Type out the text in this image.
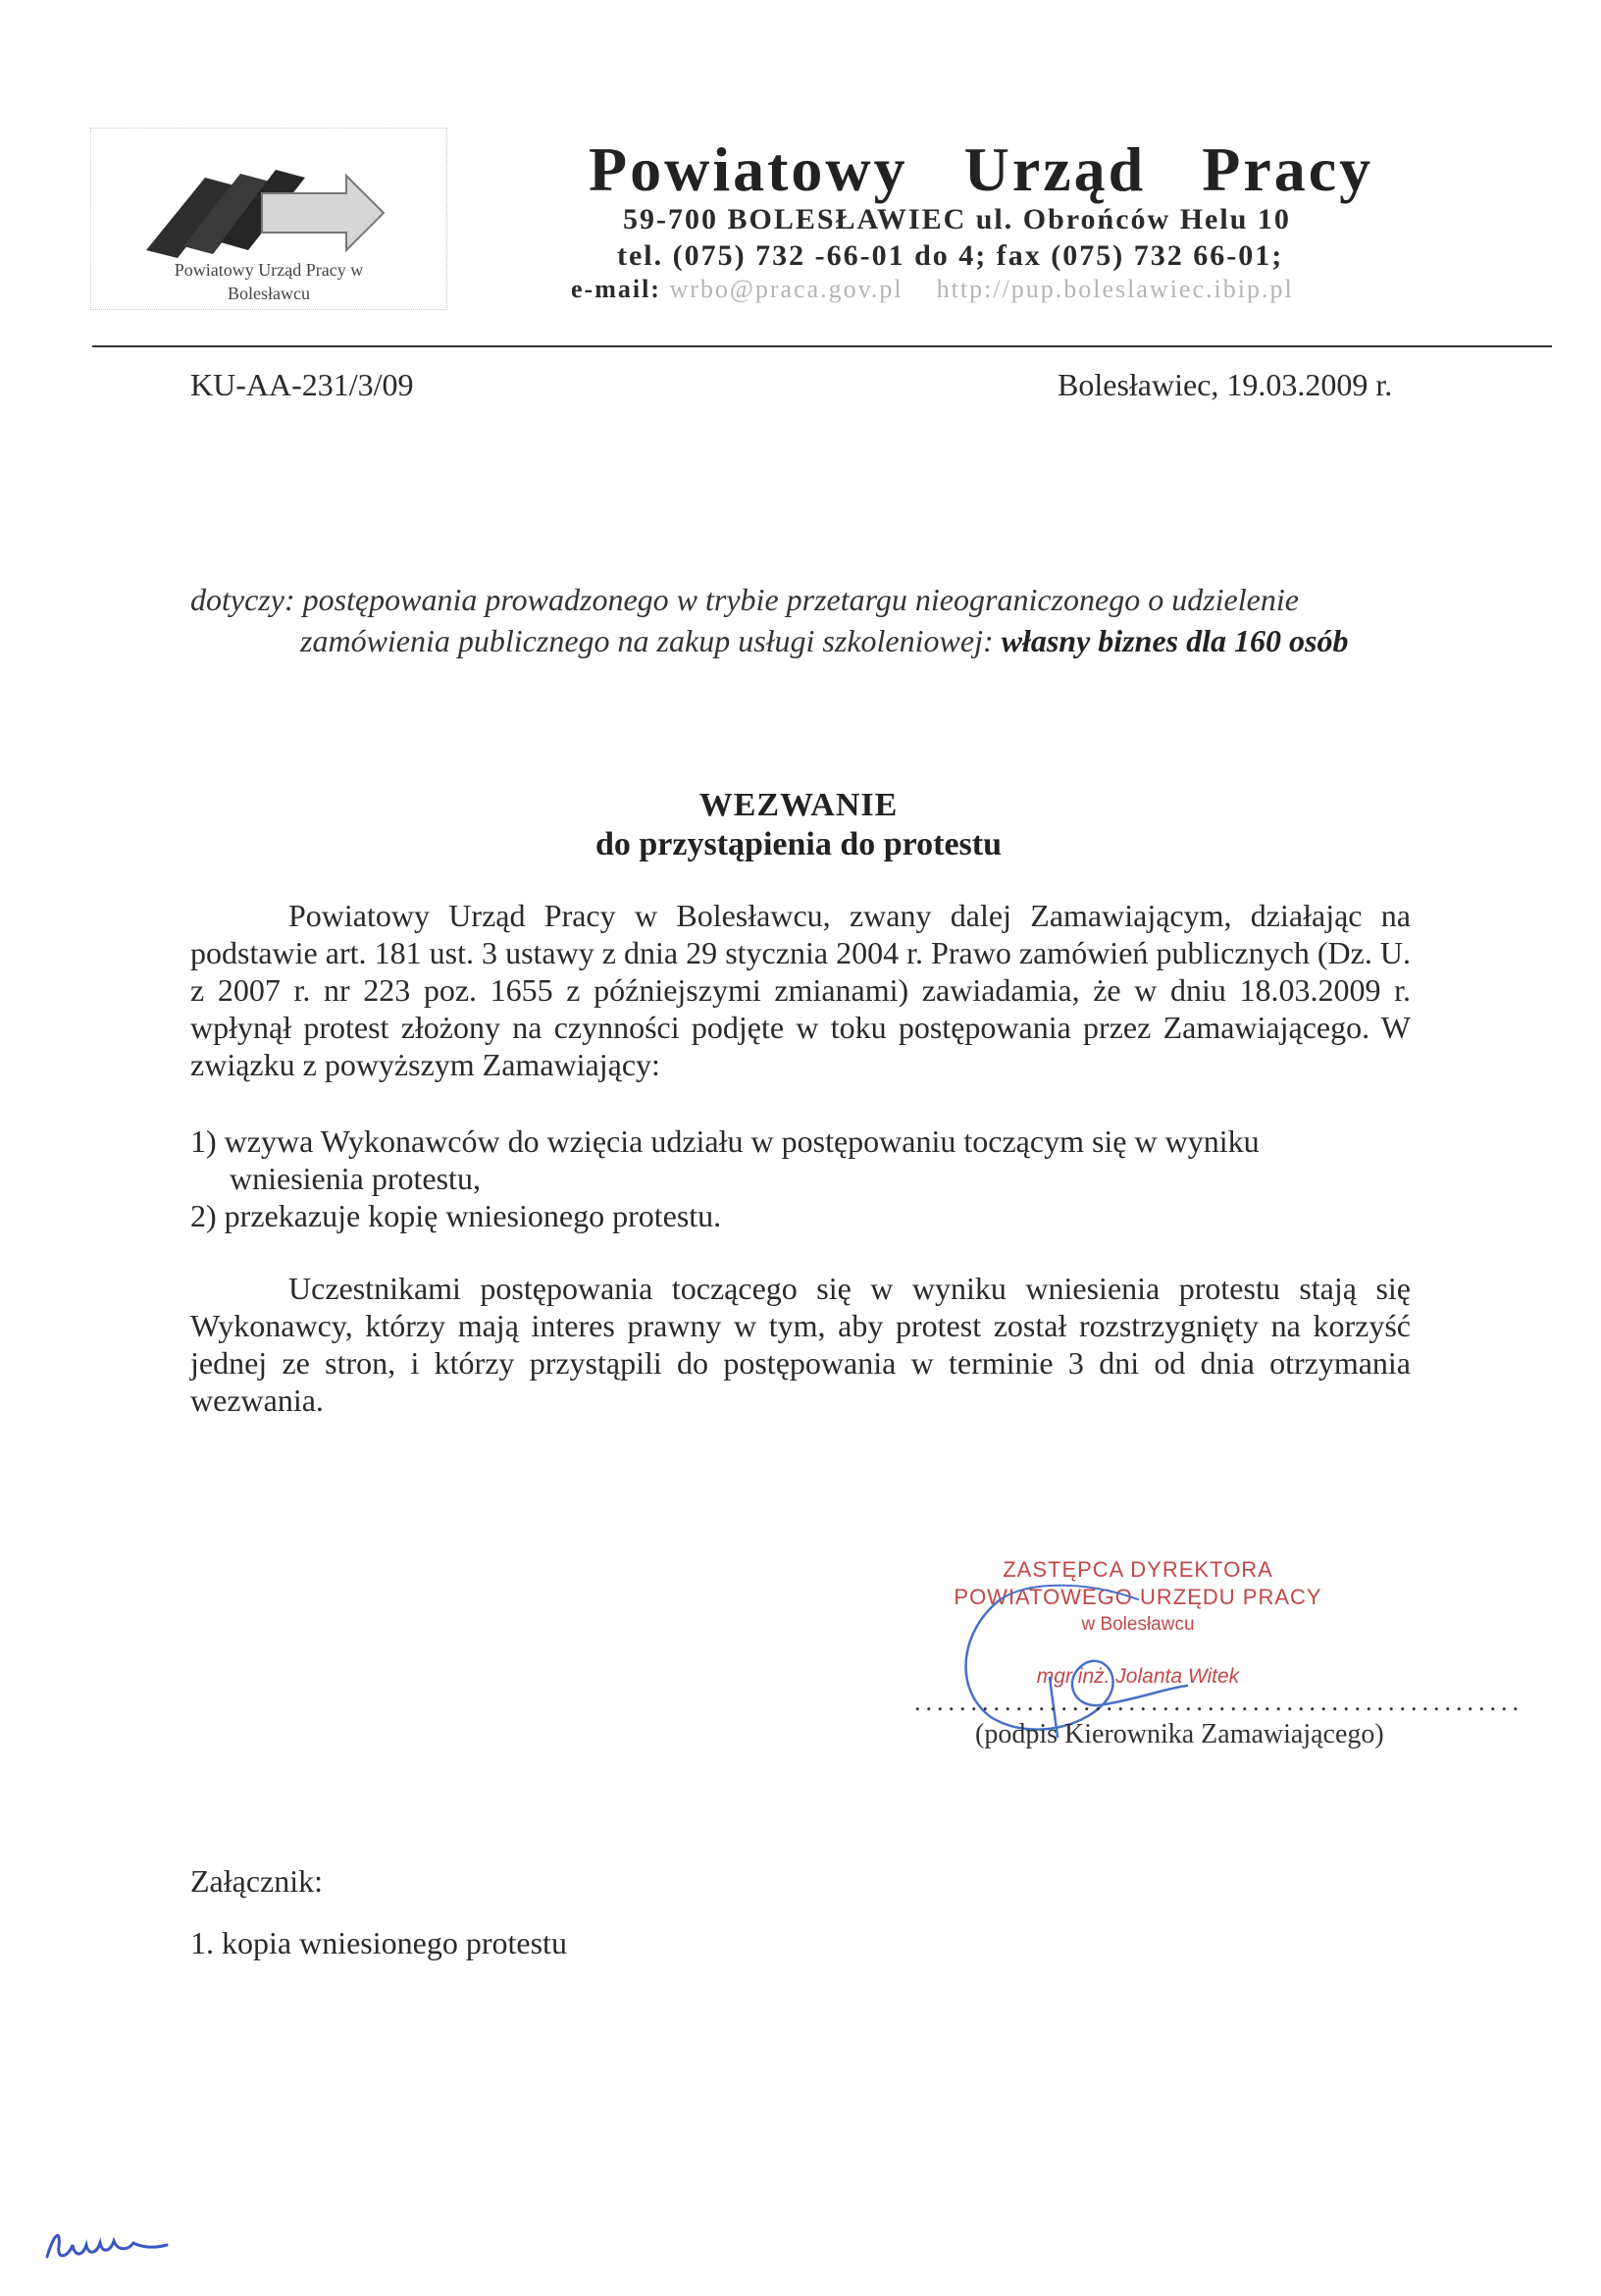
Powiatowy Urząd Pracy w
Bolesławcu
Powiatowy Urząd Pracy
59-700 BOLESŁAWIEC ul. Obrońców Helu 10
tel. (075) 732 -66-01 do 4; fax (075) 732 66-01;
e-mail: wrbo@praca.gov.pl http://pup.boleslawiec.ibip.pl
KU-AA-231/3/09	Bolesławiec, 19.03.2009 r.
dotyczy: postępowania prowadzonego w trybie przetargu nieograniczonego o udzielenie
zamówienia publicznego na zakup usługi szkoleniowej: własny biznes dla 160 osób
WEZWANIE
do przystąpienia do protestu
Powiatowy Urząd Pracy w Bolesławcu, zwany dalej Zamawiającym, działając na podstawie art. 181 ust. 3 ustawy z dnia 29 stycznia 2004 r. Prawo zamówień publicznych (Dz. U. z 2007 r. nr 223 poz. 1655 z późniejszymi zmianami) zawiadamia, że w dniu 18.03.2009 r. wpłynął protest złożony na czynności podjęte w toku postępowania przez Zamawiającego. W związku z powyższym Zamawiający:
1) wzywa Wykonawców do wzięcia udziału w postępowaniu toczącym się w wyniku
wniesienia protestu,
2) przekazuje kopię wniesionego protestu.
Uczestnikami postępowania toczącego się w wyniku wniesienia protestu stają się Wykonawcy, którzy mają interes prawny w tym, aby protest został rozstrzygnięty na korzyść jednej ze stron, i którzy przystąpili do postępowania w terminie 3 dni od dnia otrzymania wezwania.
ZASTĘPCA DYREKTORA
POWIATOWEGO URZĘDU PRACY
w Bolesławcu
mgr inż. Jolanta Witek
......................................................
(podpis Kierownika Zamawiającego)
Załącznik:
1. kopia wniesionego protestu
